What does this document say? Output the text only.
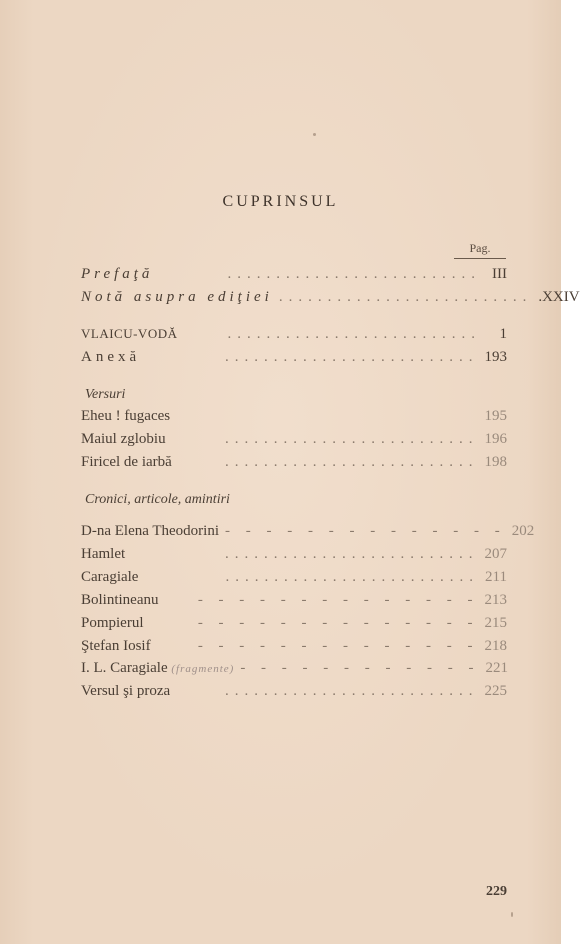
CUPRINSUL
Pag.
Prefaţă	.......................... III
Notă asupra ediţiei .......................... .XXIV
VLAICU-VODĂ	..........................	1
Anexă	.......................... 193
Versuri
Eheu ! fugaces	195
Maiul zglobiu	.......................... 196
Firicel de iarbă	.......................... 198
Cronici, articole, amintiri
D-na Elena Theodorini - - - - - - - - - - - - - - 202
Hamlet	.......................... 207
Caragiale	.......................... 211
Bolintineanu	- - - - - - - - - - - - - - 213
Pompierul	- - - - - - - - - - - - - - 215
Ştefan Iosif	- - - - - - - - - - - - - - 218
I. L. Caragiale (fragmente) - - - - - - - - - - - - 221
Versul şi proza	.......................... 225
229
